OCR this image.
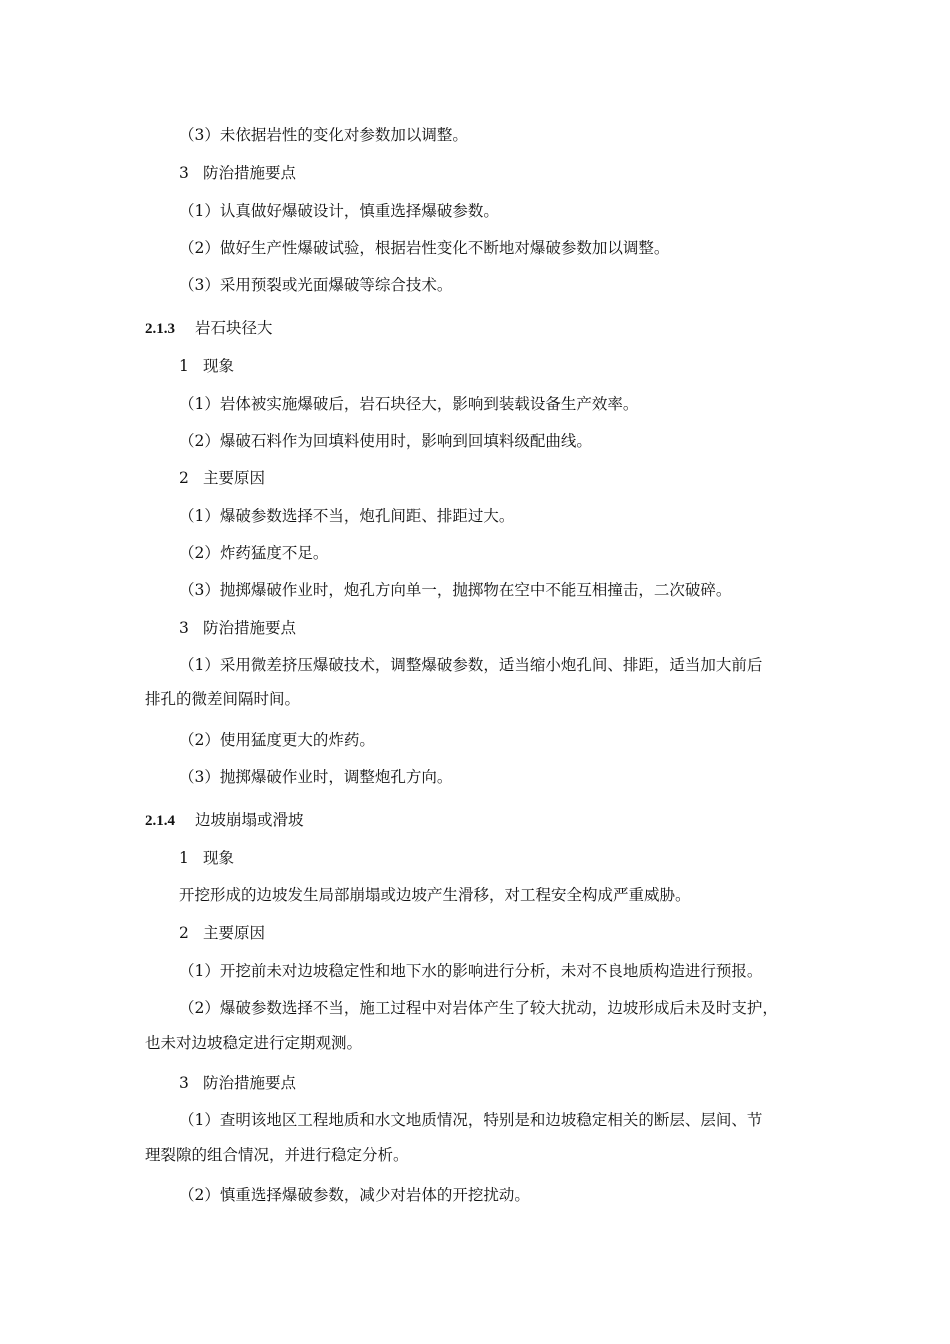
（3）未依据岩性的变化对参数加以调整。
3 防治措施要点
（1）认真做好爆破设计，慎重选择爆破参数。
（2）做好生产性爆破试验，根据岩性变化不断地对爆破参数加以调整。
（3）采用预裂或光面爆破等综合技术。
2.1.3 岩石块径大
1 现象
（1）岩体被实施爆破后，岩石块径大，影响到装载设备生产效率。
（2）爆破石料作为回填料使用时，影响到回填料级配曲线。
2 主要原因
（1）爆破参数选择不当，炮孔间距、排距过大。
（2）炸药猛度不足。
（3）抛掷爆破作业时，炮孔方向单一，抛掷物在空中不能互相撞击，二次破碎。
3 防治措施要点
（1）采用微差挤压爆破技术，调整爆破参数，适当缩小炮孔间、排距，适当加大前后
排孔的微差间隔时间。
（2）使用猛度更大的炸药。
（3）抛掷爆破作业时，调整炮孔方向。
2.1.4 边坡崩塌或滑坡
1 现象
开挖形成的边坡发生局部崩塌或边坡产生滑移，对工程安全构成严重威胁。
2 主要原因
（1）开挖前未对边坡稳定性和地下水的影响进行分析，未对不良地质构造进行预报。
（2）爆破参数选择不当，施工过程中对岩体产生了较大扰动，边坡形成后未及时支护，
也未对边坡稳定进行定期观测。
3 防治措施要点
（1）查明该地区工程地质和水文地质情况，特别是和边坡稳定相关的断层、层间、节
理裂隙的组合情况，并进行稳定分析。
（2）慎重选择爆破参数，减少对岩体的开挖扰动。
